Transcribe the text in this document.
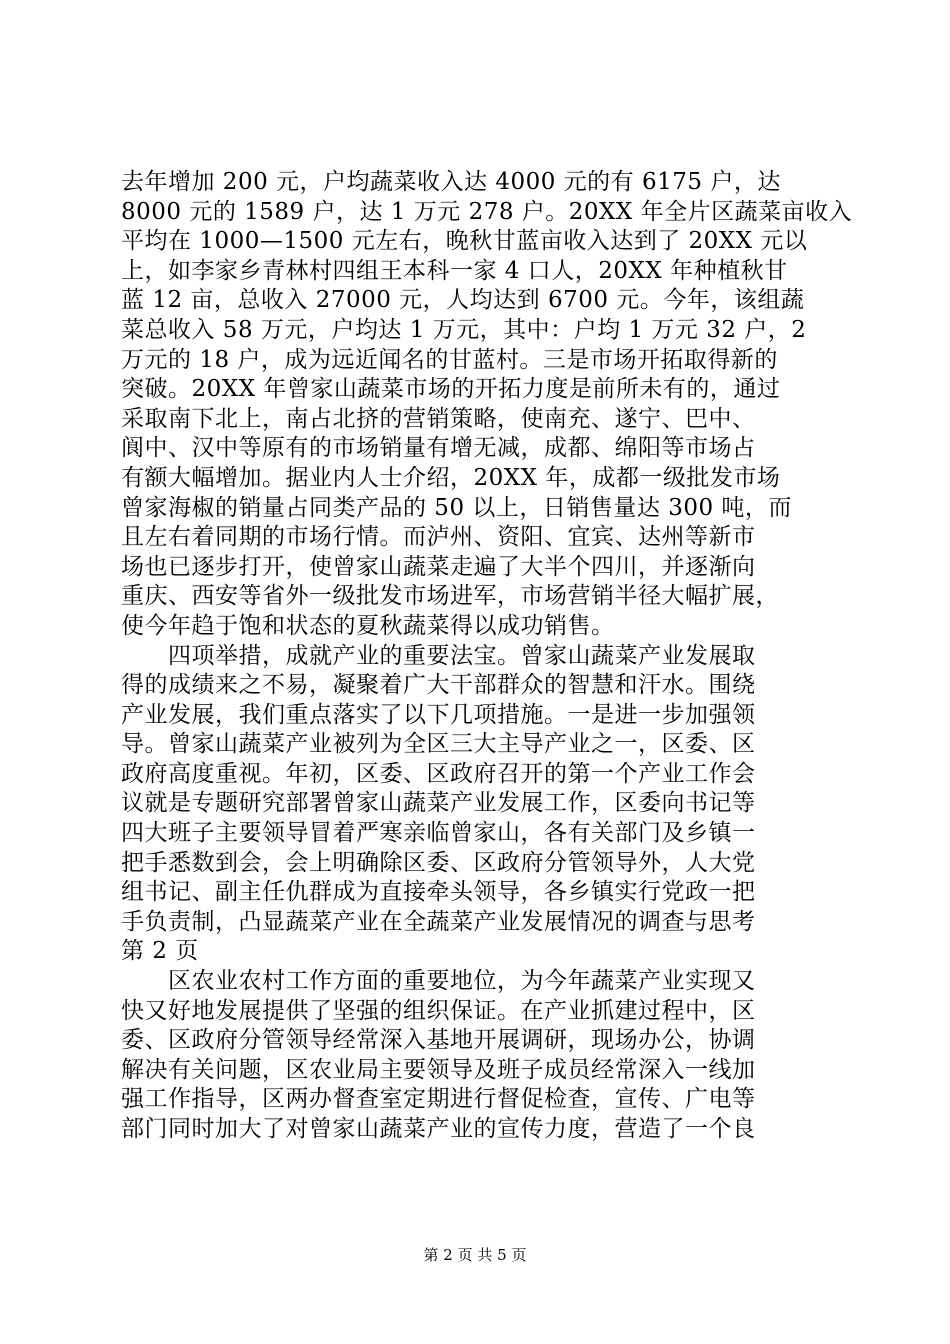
去年增加 200 元，户均蔬菜收入达 4000 元的有 6175 户，达
8000 元的 1589 户，达 1 万元 278 户。20XX 年全片区蔬菜亩收入
平均在 1000—1500 元左右，晚秋甘蓝亩收入达到了 20XX 元以
上，如李家乡青林村四组王本科一家 4 口人，20XX 年种植秋甘
蓝 12 亩，总收入 27000 元，人均达到 6700 元。今年，该组蔬
菜总收入 58 万元，户均达 1 万元，其中：户均 1 万元 32 户，2
万元的 18 户，成为远近闻名的甘蓝村。三是市场开拓取得新的
突破。20XX 年曾家山蔬菜市场的开拓力度是前所未有的，通过
采取南下北上，南占北挤的营销策略，使南充、遂宁、巴中、
阆中、汉中等原有的市场销量有增无减，成都、绵阳等市场占
有额大幅增加。据业内人士介绍，20XX 年，成都一级批发市场
曾家海椒的销量占同类产品的 50 以上，日销售量达 300 吨，而
且左右着同期的市场行情。而泸州、资阳、宜宾、达州等新市
场也已逐步打开，使曾家山蔬菜走遍了大半个四川，并逐渐向
重庆、西安等省外一级批发市场进军，市场营销半径大幅扩展，
使今年趋于饱和状态的夏秋蔬菜得以成功销售。
　　四项举措，成就产业的重要法宝。曾家山蔬菜产业发展取
得的成绩来之不易，凝聚着广大干部群众的智慧和汗水。围绕
产业发展，我们重点落实了以下几项措施。一是进一步加强领
导。曾家山蔬菜产业被列为全区三大主导产业之一，区委、区
政府高度重视。年初，区委、区政府召开的第一个产业工作会
议就是专题研究部署曾家山蔬菜产业发展工作，区委向书记等
四大班子主要领导冒着严寒亲临曾家山，各有关部门及乡镇一
把手悉数到会，会上明确除区委、区政府分管领导外，人大党
组书记、副主任仇群成为直接牵头领导，各乡镇实行党政一把
手负责制，凸显蔬菜产业在全蔬菜产业发展情况的调查与思考
第 2 页
　　区农业农村工作方面的重要地位，为今年蔬菜产业实现又
快又好地发展提供了坚强的组织保证。在产业抓建过程中，区
委、区政府分管领导经常深入基地开展调研，现场办公，协调
解决有关问题，区农业局主要领导及班子成员经常深入一线加
强工作指导，区两办督查室定期进行督促检查，宣传、广电等
部门同时加大了对曾家山蔬菜产业的宣传力度，营造了一个良
第 2 页 共 5 页
